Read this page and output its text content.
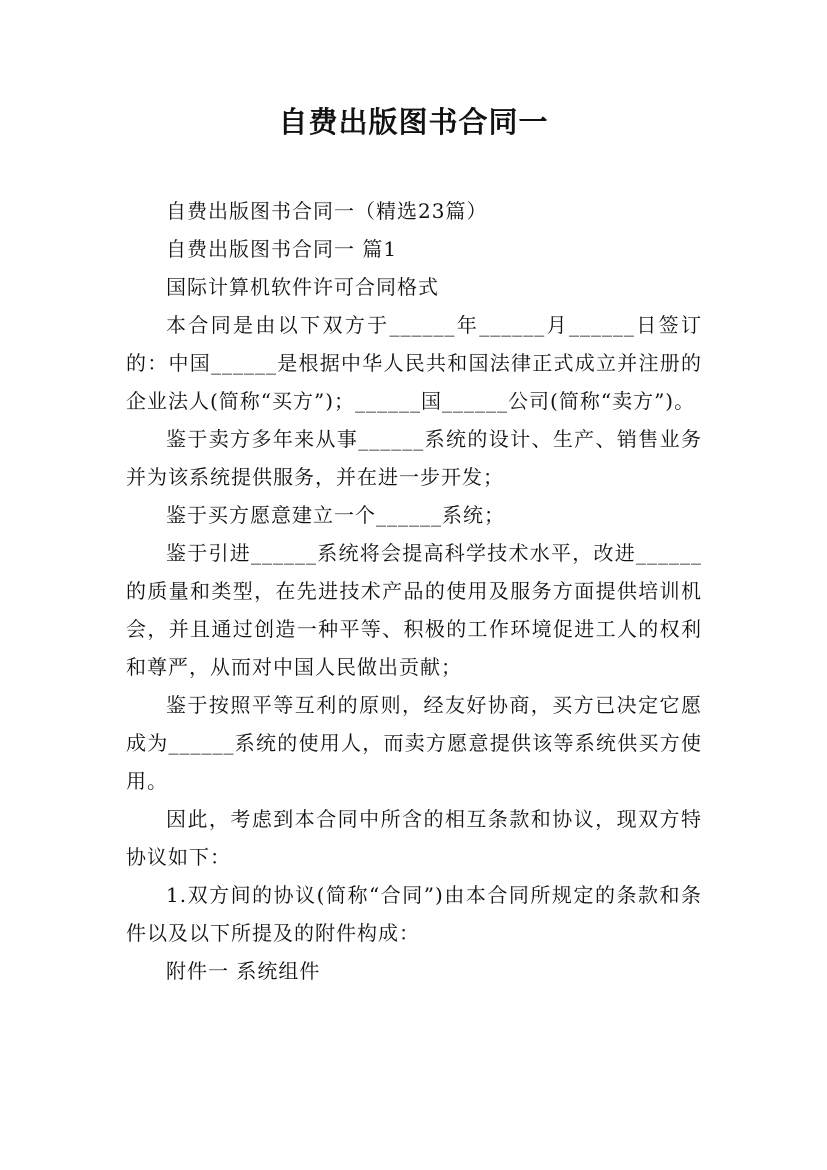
自费出版图书合同一

自费出版图书合同一（精选23篇）

自费出版图书合同一 篇1

国际计算机软件许可合同格式

本合同是由以下双方于______年______月______日签订的：中国______是根据中华人民共和国法律正式成立并注册的企业法人(简称“买方”)；______国______公司(简称“卖方”)。

鉴于卖方多年来从事______系统的设计、生产、销售业务并为该系统提供服务，并在进一步开发；

鉴于买方愿意建立一个______系统；

鉴于引进______系统将会提高科学技术水平，改进______的质量和类型，在先进技术产品的使用及服务方面提供培训机会，并且通过创造一种平等、积极的工作环境促进工人的权利和尊严，从而对中国人民做出贡献；

鉴于按照平等互利的原则，经友好协商，买方已决定它愿成为______系统的使用人，而卖方愿意提供该等系统供买方使用。

因此，考虑到本合同中所含的相互条款和协议，现双方特协议如下：

1.双方间的协议(简称“合同”)由本合同所规定的条款和条件以及以下所提及的附件构成：

附件一 系统组件
